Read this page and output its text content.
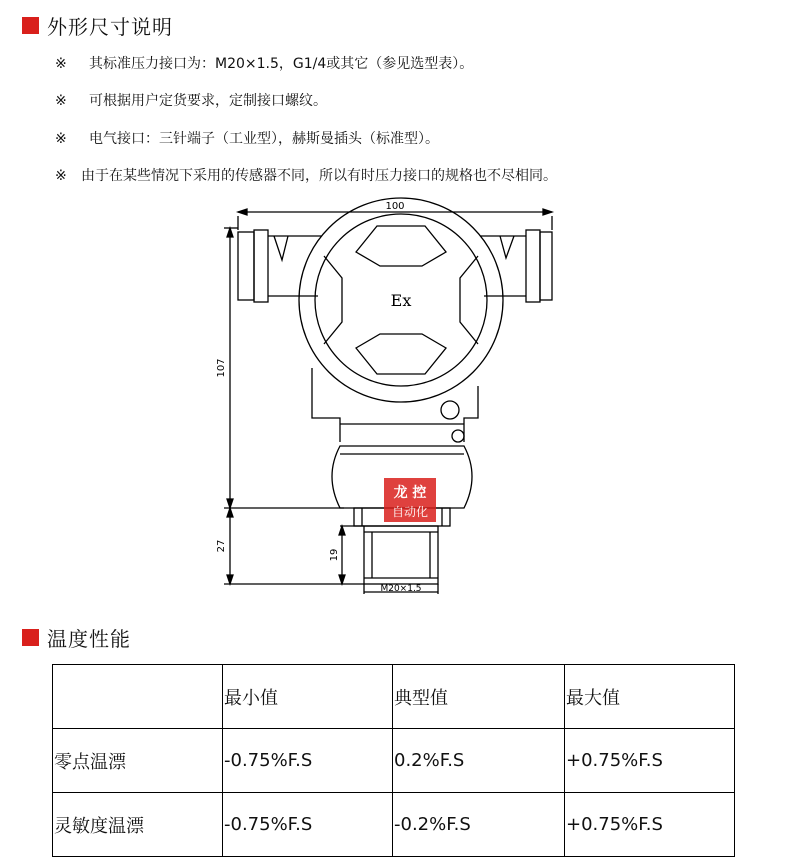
外形尺寸说明
※ 其标准压力接口为：M20×1.5，G1/4或其它（参见选型表）。
※ 可根据用户定货要求，定制接口螺纹。
※ 电气接口：三针端子（工业型），赫斯曼插头（标准型）。
※ 由于在某些情况下采用的传感器不同，所以有时压力接口的规格也不尽相同。
100
Ex
107
27
19
M20×1.5
龙 控
自动化
温度性能
	最小值	典型值	最大值
零点温漂	-0.75%F.S	0.2%F.S	+0.75%F.S
灵敏度温漂	-0.75%F.S	-0.2%F.S	+0.75%F.S
